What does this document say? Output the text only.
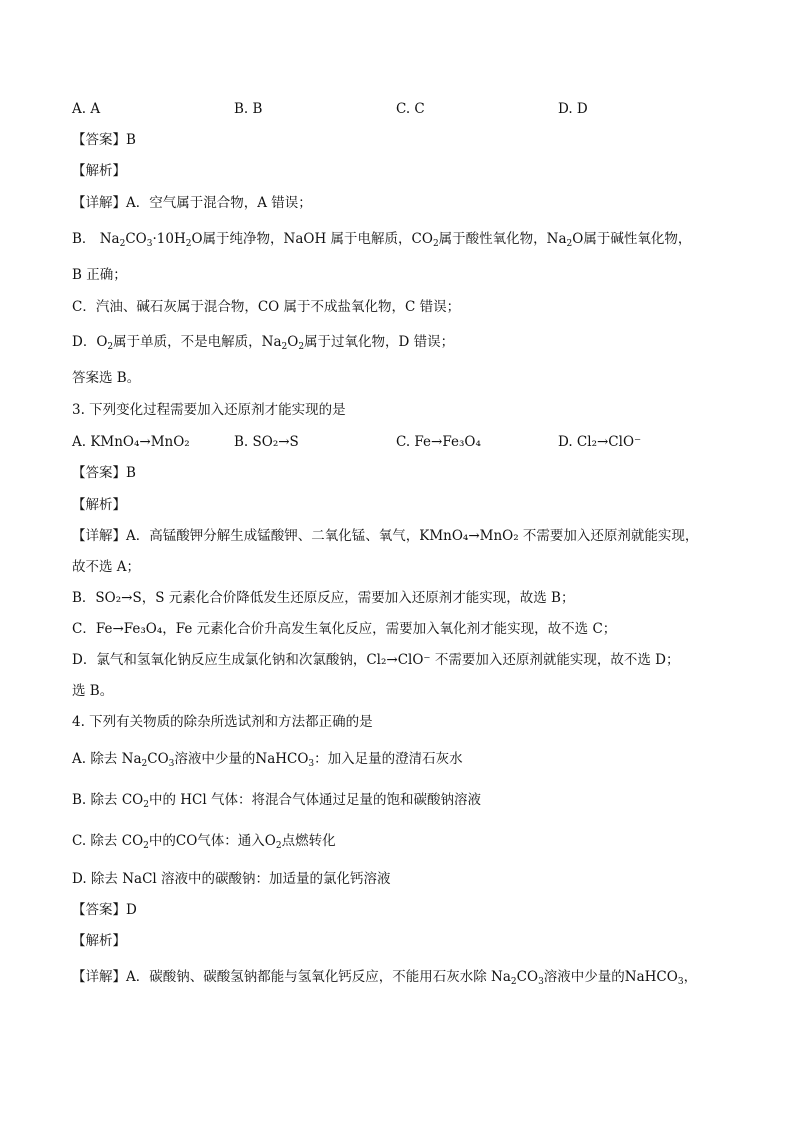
A. A	B. B	C. C	D. D
【答案】B
【解析】
【详解】A．空气属于混合物，A 错误；
B． $Na_2CO_3\cdot 10H_2O$属于纯净物，NaOH 属于电解质，$CO_2$属于酸性氧化物，$Na_2O$属于碱性氧化物，
B 正确；
C．汽油、碱石灰属于混合物，CO 属于不成盐氧化物，C 错误；
D．$O_2$属于单质，不是电解质，$Na_2O_2$属于过氧化物，D 错误；
答案选 B。
3. 下列变化过程需要加入还原剂才能实现的是
A. KMnO₄→MnO₂	B. SO₂→S	C. Fe→Fe₃O₄	D. Cl₂→ClO⁻
【答案】B
【解析】
【详解】A．高锰酸钾分解生成锰酸钾、二氧化锰、氧气，KMnO₄→MnO₂ 不需要加入还原剂就能实现，
故不选 A；
B．SO₂→S，S 元素化合价降低发生还原反应，需要加入还原剂才能实现，故选 B；
C．Fe→Fe₃O₄，Fe 元素化合价升高发生氧化反应，需要加入氧化剂才能实现，故不选 C；
D．氯气和氢氧化钠反应生成氯化钠和次氯酸钠，Cl₂→ClO⁻ 不需要加入还原剂就能实现，故不选 D；
选 B。
4. 下列有关物质的除杂所选试剂和方法都正确的是
A. 除去 $Na_2CO_3$溶液中少量的NaHCO$_3$：加入足量的澄清石灰水
B. 除去 $CO_2$中的 HCl 气体：将混合气体通过足量的饱和碳酸钠溶液
C. 除去 $CO_2$中的CO气体：通入$O_2$点燃转化
D. 除去 NaCl 溶液中的碳酸钠：加适量的氯化钙溶液
【答案】D
【解析】
【详解】A．碳酸钠、碳酸氢钠都能与氢氧化钙反应，不能用石灰水除 $Na_2CO_3$溶液中少量的NaHCO$_3$，
